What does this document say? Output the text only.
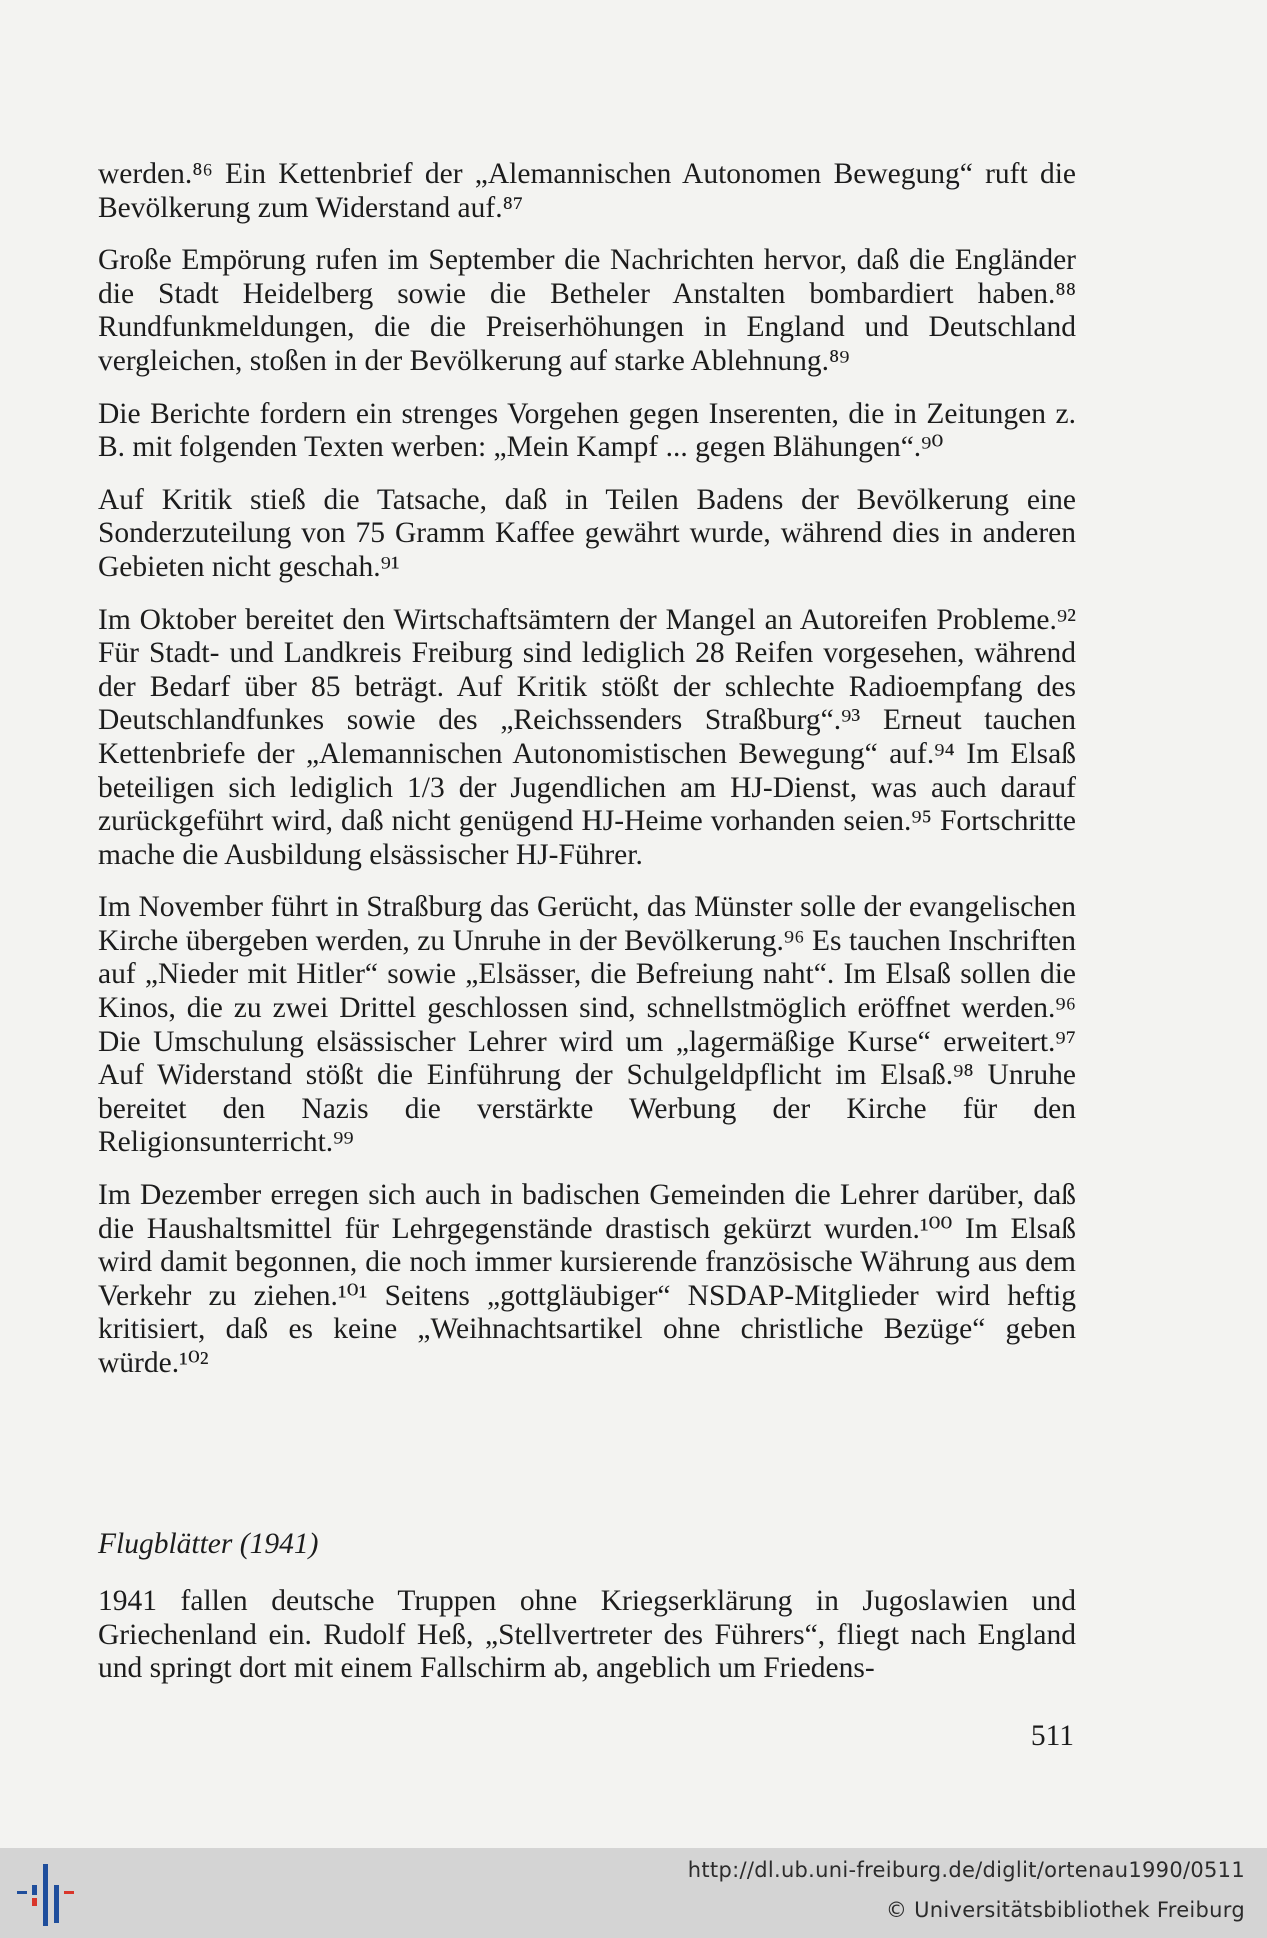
werden.⁸⁶ Ein Kettenbrief der „Alemannischen Autonomen Bewegung“ ruft die Bevölkerung zum Widerstand auf.⁸⁷

Große Empörung rufen im September die Nachrichten hervor, daß die Engländer die Stadt Heidelberg sowie die Betheler Anstalten bombardiert haben.⁸⁸ Rundfunkmeldungen, die die Preiserhöhungen in England und Deutschland vergleichen, stoßen in der Bevölkerung auf starke Ablehnung.⁸⁹

Die Berichte fordern ein strenges Vorgehen gegen Inserenten, die in Zeitungen z. B. mit folgenden Texten werben: „Mein Kampf ... gegen Blähungen“.⁹⁰

Auf Kritik stieß die Tatsache, daß in Teilen Badens der Bevölkerung eine Sonderzuteilung von 75 Gramm Kaffee gewährt wurde, während dies in anderen Gebieten nicht geschah.⁹¹

Im Oktober bereitet den Wirtschaftsämtern der Mangel an Autoreifen Probleme.⁹² Für Stadt- und Landkreis Freiburg sind lediglich 28 Reifen vorgesehen, während der Bedarf über 85 beträgt. Auf Kritik stößt der schlechte Radioempfang des Deutschlandfunkes sowie des „Reichssenders Straßburg“.⁹³ Erneut tauchen Kettenbriefe der „Alemannischen Autonomistischen Bewegung“ auf.⁹⁴ Im Elsaß beteiligen sich lediglich 1/3 der Jugendlichen am HJ-Dienst, was auch darauf zurückgeführt wird, daß nicht genügend HJ-Heime vorhanden seien.⁹⁵ Fortschritte mache die Ausbildung elsässischer HJ-Führer.

Im November führt in Straßburg das Gerücht, das Münster solle der evangelischen Kirche übergeben werden, zu Unruhe in der Bevölkerung.⁹⁶ Es tauchen Inschriften auf „Nieder mit Hitler“ sowie „Elsässer, die Befreiung naht“. Im Elsaß sollen die Kinos, die zu zwei Drittel geschlossen sind, schnellstmöglich eröffnet werden.⁹⁶ Die Umschulung elsässischer Lehrer wird um „lagermäßige Kurse“ erweitert.⁹⁷ Auf Widerstand stößt die Einführung der Schulgeldpflicht im Elsaß.⁹⁸ Unruhe bereitet den Nazis die verstärkte Werbung der Kirche für den Religionsunterricht.⁹⁹

Im Dezember erregen sich auch in badischen Gemeinden die Lehrer darüber, daß die Haushaltsmittel für Lehrgegenstände drastisch gekürzt wurden.¹⁰⁰ Im Elsaß wird damit begonnen, die noch immer kursierende französische Währung aus dem Verkehr zu ziehen.¹⁰¹ Seitens „gottgläubiger“ NSDAP-Mitglieder wird heftig kritisiert, daß es keine „Weihnachtsartikel ohne christliche Bezüge“ geben würde.¹⁰²

Flugblätter (1941)

1941 fallen deutsche Truppen ohne Kriegserklärung in Jugoslawien und Griechenland ein. Rudolf Heß, „Stellvertreter des Führers“, fliegt nach England und springt dort mit einem Fallschirm ab, angeblich um Friedens-

511
http://dl.ub.uni-freiburg.de/diglit/ortenau1990/0511
© Universitätsbibliothek Freiburg
